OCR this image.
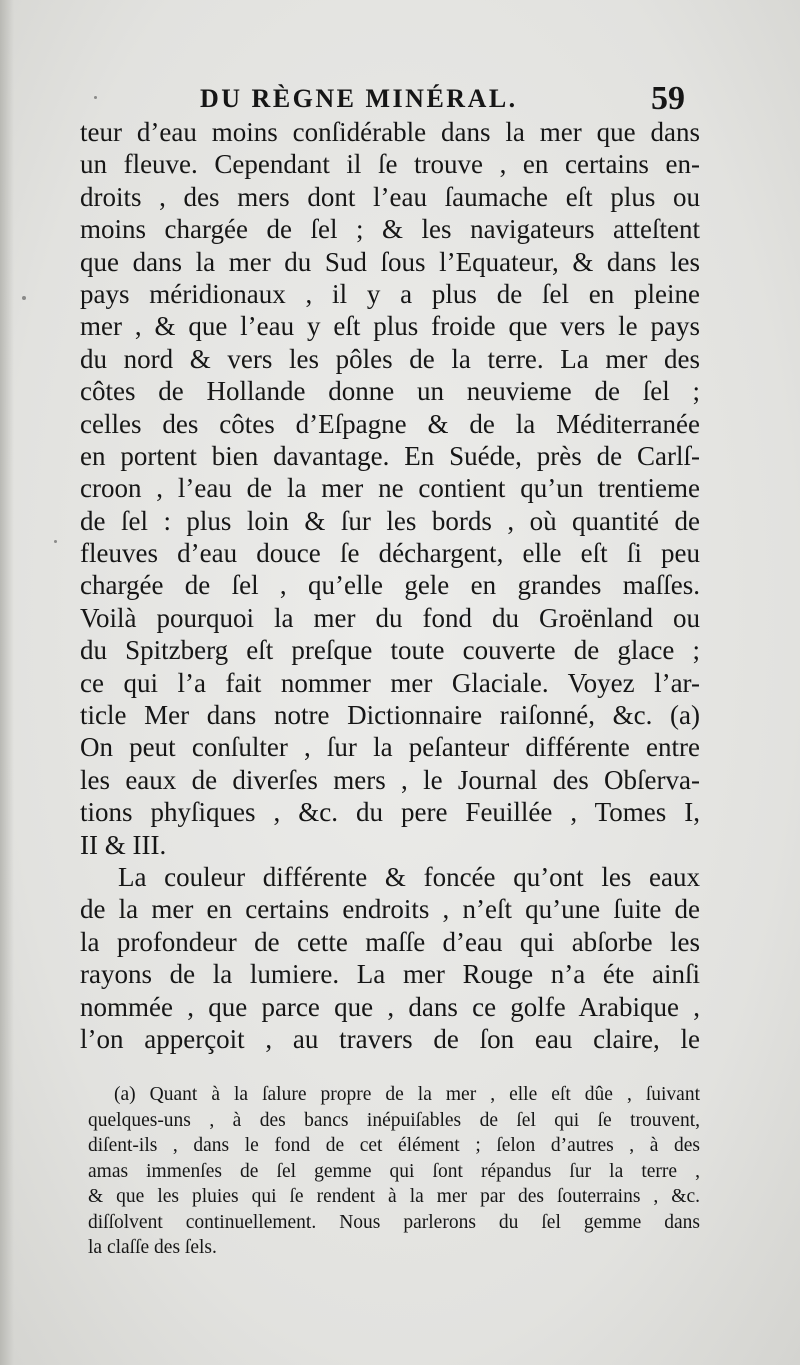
DU RÈGNE MINÉRAL.	59
teur d’eau moins conſidérable dans la mer que dans
un fleuve. Cependant il ſe trouve , en certains en-
droits , des mers dont l’eau ſaumache eſt plus ou
moins chargée de ſel ; & les navigateurs atteſtent
que dans la mer du Sud ſous l’Equateur, & dans les
pays méridionaux , il y a plus de ſel en pleine
mer , & que l’eau y eſt plus froide que vers le pays
du nord & vers les pôles de la terre. La mer des
côtes de Hollande donne un neuvieme de ſel ;
celles des côtes d’Eſpagne & de la Méditerranée
en portent bien davantage. En Suéde, près de Carlſ-
croon , l’eau de la mer ne contient qu’un trentieme
de ſel : plus loin & ſur les bords , où quantité de
fleuves d’eau douce ſe déchargent, elle eſt ſi peu
chargée de ſel , qu’elle gele en grandes maſſes.
Voilà pourquoi la mer du fond du Groënland ou
du Spitzberg eſt preſque toute couverte de glace ;
ce qui l’a fait nommer mer Glaciale. Voyez l’ar-
ticle Mer dans notre Dictionnaire raiſonné, &c. (a)
On peut conſulter , ſur la peſanteur différente entre
les eaux de diverſes mers , le Journal des Obſerva-
tions phyſiques , &c. du pere Feuillée , Tomes I,
II & III.
La couleur différente & foncée qu’ont les eaux
de la mer en certains endroits , n’eſt qu’une ſuite de
la profondeur de cette maſſe d’eau qui abſorbe les
rayons de la lumiere. La mer Rouge n’a éte ainſi
nommée , que parce que , dans ce golfe Arabique ,
l’on apperçoit , au travers de ſon eau claire, le
(a) Quant à la ſalure propre de la mer , elle eſt dûe , ſuivant
quelques-uns , à des bancs inépuiſables de ſel qui ſe trouvent,
diſent-ils , dans le fond de cet élément ; ſelon d’autres , à des
amas immenſes de ſel gemme qui ſont répandus ſur la terre ,
& que les pluies qui ſe rendent à la mer par des ſouterrains , &c.
diſſolvent continuellement. Nous parlerons du ſel gemme dans
la claſſe des ſels.
